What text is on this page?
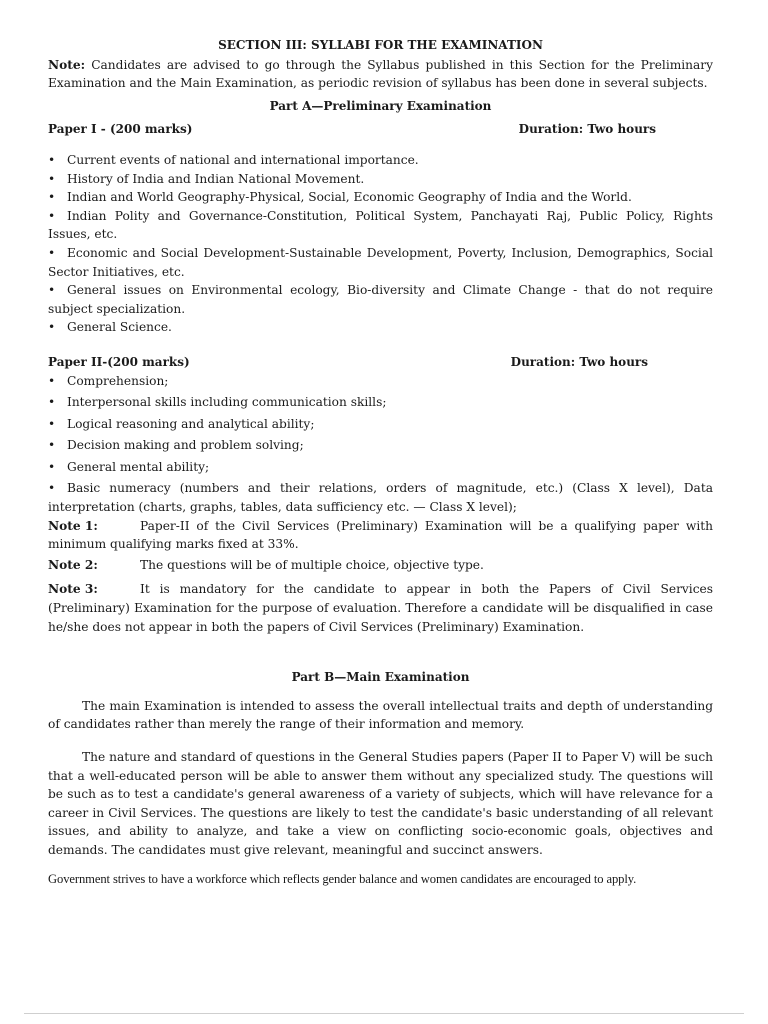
SECTION III: SYLLABI FOR THE EXAMINATION

Note: Candidates are advised to go through the Syllabus published in this Section for the Preliminary Examination and the Main Examination, as periodic revision of syllabus has been done in several subjects.

Part A—Preliminary Examination

Paper I - (200 marks)	Duration: Two hours
• Current events of national and international importance.
• History of India and Indian National Movement.
• Indian and World Geography-Physical, Social, Economic Geography of India and the World.
• Indian Polity and Governance-Constitution, Political System, Panchayati Raj, Public Policy, Rights Issues, etc.
• Economic and Social Development-Sustainable Development, Poverty, Inclusion, Demographics, Social Sector Initiatives, etc.
• General issues on Environmental ecology, Bio-diversity and Climate Change - that do not require subject specialization.
• General Science.
Paper II-(200 marks)	Duration: Two hours
• Comprehension;
• Interpersonal skills including communication skills;
• Logical reasoning and analytical ability;
• Decision making and problem solving;
• General mental ability;
• Basic numeracy (numbers and their relations, orders of magnitude, etc.) (Class X level), Data interpretation (charts, graphs, tables, data sufficiency etc. — Class X level);

Note 1:	Paper-II of the Civil Services (Preliminary) Examination will be a qualifying paper with minimum qualifying marks fixed at 33%.

Note 2:	The questions will be of multiple choice, objective type.

Note 3:	It is mandatory for the candidate to appear in both the Papers of Civil Services (Preliminary) Examination for the purpose of evaluation. Therefore a candidate will be disqualified in case he/she does not appear in both the papers of Civil Services (Preliminary) Examination.

Part B—Main Examination

The main Examination is intended to assess the overall intellectual traits and depth of understanding of candidates rather than merely the range of their information and memory.

The nature and standard of questions in the General Studies papers (Paper II to Paper V) will be such that a well-educated person will be able to answer them without any specialized study. The questions will be such as to test a candidate's general awareness of a variety of subjects, which will have relevance for a career in Civil Services. The questions are likely to test the candidate's basic understanding of all relevant issues, and ability to analyze, and take a view on conflicting socio-economic goals, objectives and demands. The candidates must give relevant, meaningful and succinct answers.

Government strives to have a workforce which reflects gender balance and women candidates are encouraged to apply.
